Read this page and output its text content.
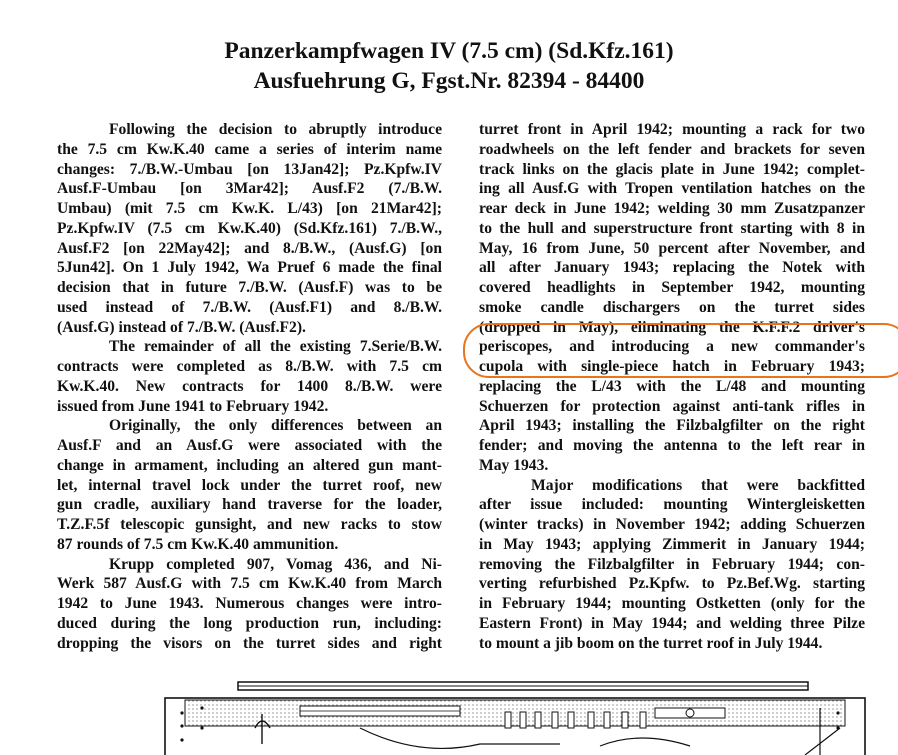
Panzerkampfwagen IV (7.5 cm) (Sd.Kfz.161)
Ausfuehrung G, Fgst.Nr. 82394 - 84400
Following the decision to abruptly introduce
the 7.5 cm Kw.K.40 came a series of interim name
changes: 7./B.W.-Umbau [on 13Jan42]; Pz.Kpfw.IV
Ausf.F-Umbau [on 3Mar42]; Ausf.F2 (7./B.W.
Umbau) (mit 7.5 cm Kw.K. L/43) [on 21Mar42];
Pz.Kpfw.IV (7.5 cm Kw.K.40) (Sd.Kfz.161) 7./B.W.,
Ausf.F2 [on 22May42]; and 8./B.W., (Ausf.G) [on
5Jun42]. On 1 July 1942, Wa Pruef 6 made the final
decision that in future 7./B.W. (Ausf.F) was to be
used instead of 7./B.W. (Ausf.F1) and 8./B.W.
(Ausf.G) instead of 7./B.W. (Ausf.F2).
The remainder of all the existing 7.Serie/B.W.
contracts were completed as 8./B.W. with 7.5 cm
Kw.K.40. New contracts for 1400 8./B.W. were
issued from June 1941 to February 1942.
Originally, the only differences between an
Ausf.F and an Ausf.G were associated with the
change in armament, including an altered gun mant-
let, internal travel lock under the turret roof, new
gun cradle, auxiliary hand traverse for the loader,
T.Z.F.5f telescopic gunsight, and new racks to stow
87 rounds of 7.5 cm Kw.K.40 ammunition.
Krupp completed 907, Vomag 436, and Ni-
Werk 587 Ausf.G with 7.5 cm Kw.K.40 from March
1942 to June 1943. Numerous changes were intro-
duced during the long production run, including:
dropping the visors on the turret sides and right
turret front in April 1942; mounting a rack for two
roadwheels on the left fender and brackets for seven
track links on the glacis plate in June 1942; complet-
ing all Ausf.G with Tropen ventilation hatches on the
rear deck in June 1942; welding 30 mm Zusatzpanzer
to the hull and superstructure front starting with 8 in
May, 16 from June, 50 percent after November, and
all after January 1943; replacing the Notek with
covered headlights in September 1942, mounting
smoke candle dischargers on the turret sides
(dropped in May), eliminating the K.F.F.2 driver's
periscopes, and introducing a new commander's
cupola with single-piece hatch in February 1943;
replacing the L/43 with the L/48 and mounting
Schuerzen for protection against anti-tank rifles in
April 1943; installing the Filzbalgfilter on the right
fender; and moving the antenna to the left rear in
May 1943.
Major modifications that were backfitted
after issue included: mounting Wintergleisketten
(winter tracks) in November 1942; adding Schuerzen
in May 1943; applying Zimmerit in January 1944;
removing the Filzbalgfilter in February 1944; con-
verting refurbished Pz.Kpfw. to Pz.Bef.Wg. starting
in February 1944; mounting Ostketten (only for the
Eastern Front) in May 1944; and welding three Pilze
to mount a jib boom on the turret roof in July 1944.
